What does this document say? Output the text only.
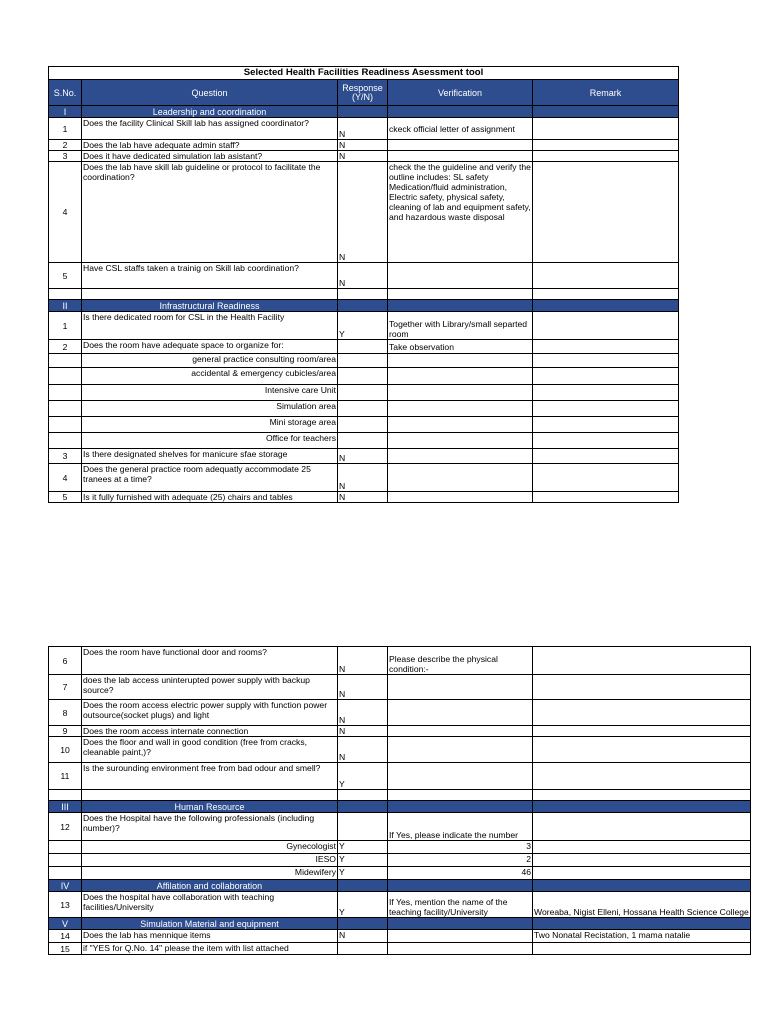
Selected Health Facilities Readiness Asessment tool				
S.No.	Question	Response (Y/N)	Verification	Remark
I	Leadership and coordination			
1	Does the facility Clinical Skill lab has assigned coordinator?	N	ckeck official letter of assignment	
2	Does the lab have adequate admin staff?	N		
3	Does it have dedicated simulation lab asistant?	N		
4	Does the lab have skill lab guideline or protocol to facilitate the coordination?	N	check the the guideline and verify the outline includes: SL safety Medication/fluid administration, Electric safety, physical safety, cleaning of lab and equipment safety, and hazardous waste disposal	
5	Have CSL staffs taken a trainig on Skill lab coordination?	N		

II	Infrastructural Readiness			
1	Is there dedicated room for CSL in the Health Facility	Y	Together with Library/small separted room	
2	Does the room have adequate space to organize for:		Take observation	
	general practice consulting room/area			
	accidental & emergency cubicles/area			
	Intensive care Unit			
	Simulation area			
	Mini storage area			
	Office for teachers			
3	Is there designated shelves for manicure sfae storage	N		
4	Does the general practice room adequatly accommodate 25 tranees at a time?	N		
5	Is it fully furnished with adequate (25) chairs and tables	N		
6	Does the room have functional door and rooms?	N	Please describe the physical condition:-	
7	does the lab access uninterupted power supply with backup source?	N		
8	Does the room access electric power supply with function power outsource(socket plugs) and light	N		
9	Does the room access internate connection	N		
10	Does the floor and wall in good condition (free from cracks, cleanable paint,)?	N		
11	Is the surounding environment free from bad odour and smell?	Y		

III	Human Resource			
12	Does the Hospital have the following professionals (including number)?		If Yes, please indicate the number	
	Gynecologist	Y	3	
	IESO	Y	2	
	Midewifery	Y	46	
IV	Affilation and collaboration			
13	Does the hospital have collaboration with teaching facilities/University	Y	If Yes, mention the name of the teaching facility/University	Woreaba, Nigist Elleni, Hossana Health Science College
V	Simulation Material and equipment			
14	Does the lab has mennique items	N		Two Nonatal Recistation, 1 mama natalie
15	if "YES for Q.No. 14" please the item with list attached			
